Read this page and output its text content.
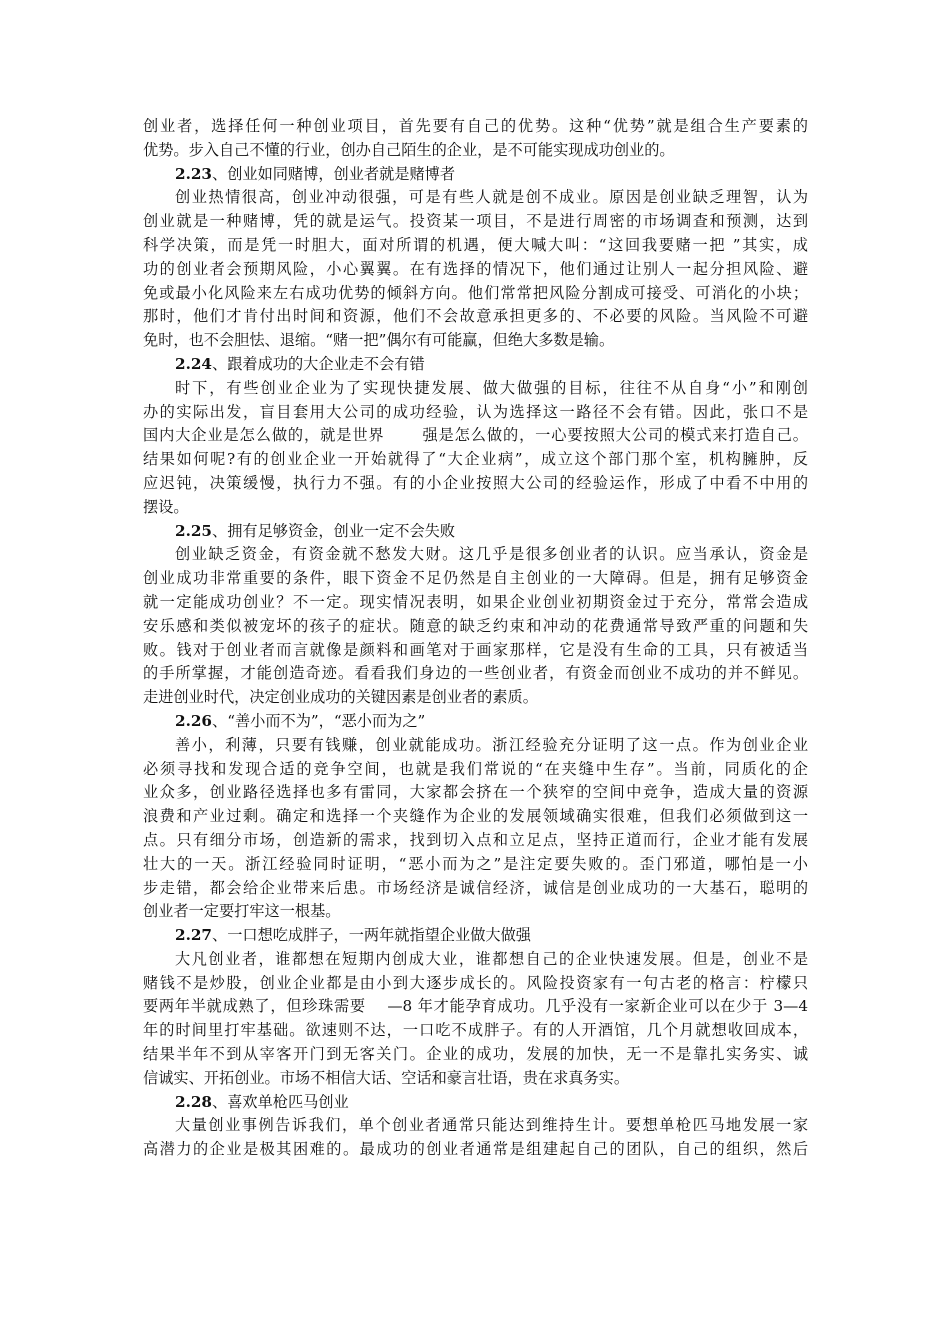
创业者，选择任何一种创业项目，首先要有自己的优势。这种“优势”就是组合生产要素的
优势。步入自己不懂的行业，创办自己陌生的企业，是不可能实现成功创业的。
2.23、创业如同赌博，创业者就是赌博者
创业热情很高，创业冲动很强，可是有些人就是创不成业。原因是创业缺乏理智，认为
创业就是一种赌博，凭的就是运气。投资某一项目，不是进行周密的市场调查和预测，达到
科学决策，而是凭一时胆大，面对所谓的机遇，便大喊大叫：“这回我要赌一把 ”其实，成
功的创业者会预期风险，小心翼翼。在有选择的情况下，他们通过让别人一起分担风险、避
免或最小化风险来左右成功优势的倾斜方向。他们常常把风险分割成可接受、可消化的小块；
那时，他们才肯付出时间和资源，他们不会故意承担更多的、不必要的风险。当风险不可避
免时，也不会胆怯、退缩。“赌一把”偶尔有可能赢，但绝大多数是输。
2.24、跟着成功的大企业走不会有错
时下，有些创业企业为了实现快捷发展、做大做强的目标，往往不从自身“小”和刚创
办的实际出发，盲目套用大公司的成功经验，认为选择这一路径不会有错。因此，张口不是
国内大企业是怎么做的，就是世界 　　强是怎么做的，一心要按照大公司的模式来打造自己。
结果如何呢?有的创业企业一开始就得了“大企业病”，成立这个部门那个室，机构臃肿，反
应迟钝，决策缓慢，执行力不强。有的小企业按照大公司的经验运作，形成了中看不中用的
摆设。
2.25、拥有足够资金，创业一定不会失败
创业缺乏资金，有资金就不愁发大财。这几乎是很多创业者的认识。应当承认，资金是
创业成功非常重要的条件，眼下资金不足仍然是自主创业的一大障碍。但是，拥有足够资金
就一定能成功创业？不一定。现实情况表明，如果企业创业初期资金过于充分，常常会造成
安乐感和类似被宠坏的孩子的症状。随意的缺乏约束和冲动的花费通常导致严重的问题和失
败。钱对于创业者而言就像是颜料和画笔对于画家那样，它是没有生命的工具，只有被适当
的手所掌握，才能创造奇迹。看看我们身边的一些创业者，有资金而创业不成功的并不鲜见。
走进创业时代，决定创业成功的关键因素是创业者的素质。
2.26、“善小而不为”，“恶小而为之”
善小，利薄，只要有钱赚，创业就能成功。浙江经验充分证明了这一点。作为创业企业
必须寻找和发现合适的竞争空间，也就是我们常说的“在夹缝中生存”。当前，同质化的企
业众多，创业路径选择也多有雷同，大家都会挤在一个狭窄的空间中竞争，造成大量的资源
浪费和产业过剩。确定和选择一个夹缝作为企业的发展领域确实很难，但我们必须做到这一
点。只有细分市场，创造新的需求，找到切入点和立足点，坚持正道而行，企业才能有发展
壮大的一天。浙江经验同时证明，“恶小而为之”是注定要失败的。歪门邪道，哪怕是一小
步走错，都会给企业带来后患。市场经济是诚信经济，诚信是创业成功的一大基石，聪明的
创业者一定要打牢这一根基。
2.27、一口想吃成胖子，一两年就指望企业做大做强
大凡创业者，谁都想在短期内创成大业，谁都想自己的企业快速发展。但是，创业不是
赌钱不是炒股，创业企业都是由小到大逐步成长的。风险投资家有一句古老的格言：柠檬只
要两年半就成熟了，但珍珠需要 　—8 年才能孕育成功。几乎没有一家新企业可以在少于 3—4
年的时间里打牢基础。欲速则不达，一口吃不成胖子。有的人开酒馆，几个月就想收回成本，
结果半年不到从宰客开门到无客关门。企业的成功，发展的加快，无一不是靠扎实务实、诚
信诚实、开拓创业。市场不相信大话、空话和豪言壮语，贵在求真务实。
2.28、喜欢单枪匹马创业
大量创业事例告诉我们，单个创业者通常只能达到维持生计。要想单枪匹马地发展一家
高潜力的企业是极其困难的。最成功的创业者通常是组建起自己的团队，自己的组织，然后
